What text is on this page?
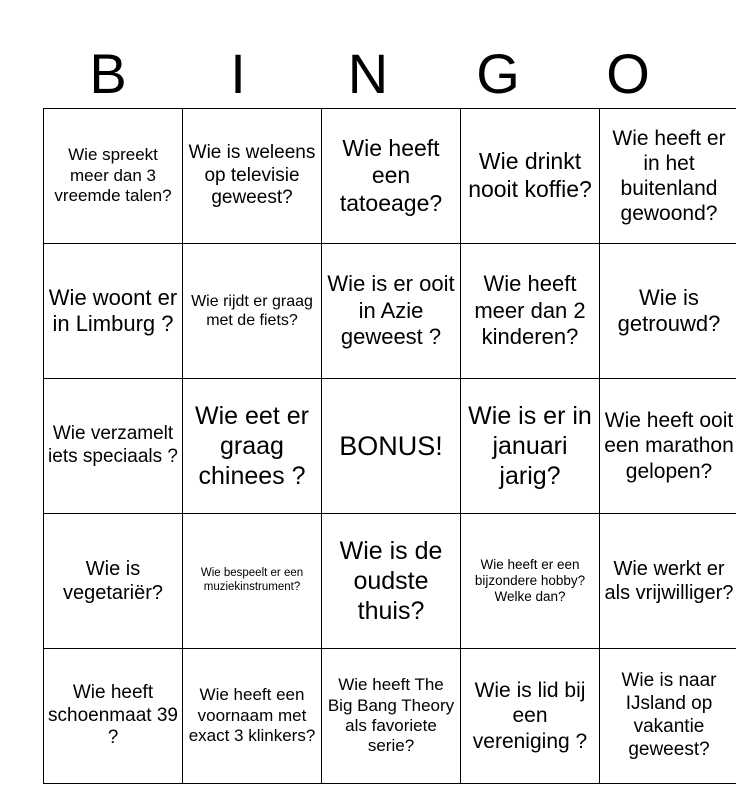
B	I	N	G	O
Wie spreekt meer dan 3 vreemde talen?	Wie is weleens op televisie geweest?	Wie heeft een tatoeage?	Wie drinkt nooit koffie?	Wie heeft er in het buitenland gewoond?
Wie woont er in Limburg ?	Wie rijdt er graag met de fiets?	Wie is er ooit in Azie geweest ?	Wie heeft meer dan 2 kinderen?	Wie is getrouwd?
Wie verzamelt iets speciaals ?	Wie eet er graag chinees ?	BONUS!	Wie is er in januari jarig?	Wie heeft ooit een marathon gelopen?
Wie is vegetariër?	Wie bespeelt er een muziekinstrument?	Wie is de oudste thuis?	Wie heeft er een bijzondere hobby? Welke dan?	Wie werkt er als vrijwilliger?
Wie heeft schoenmaat 39 ?	Wie heeft een voornaam met exact 3 klinkers?	Wie heeft The Big Bang Theory als favoriete serie?	Wie is lid bij een vereniging ?	Wie is naar IJsland op vakantie geweest?
